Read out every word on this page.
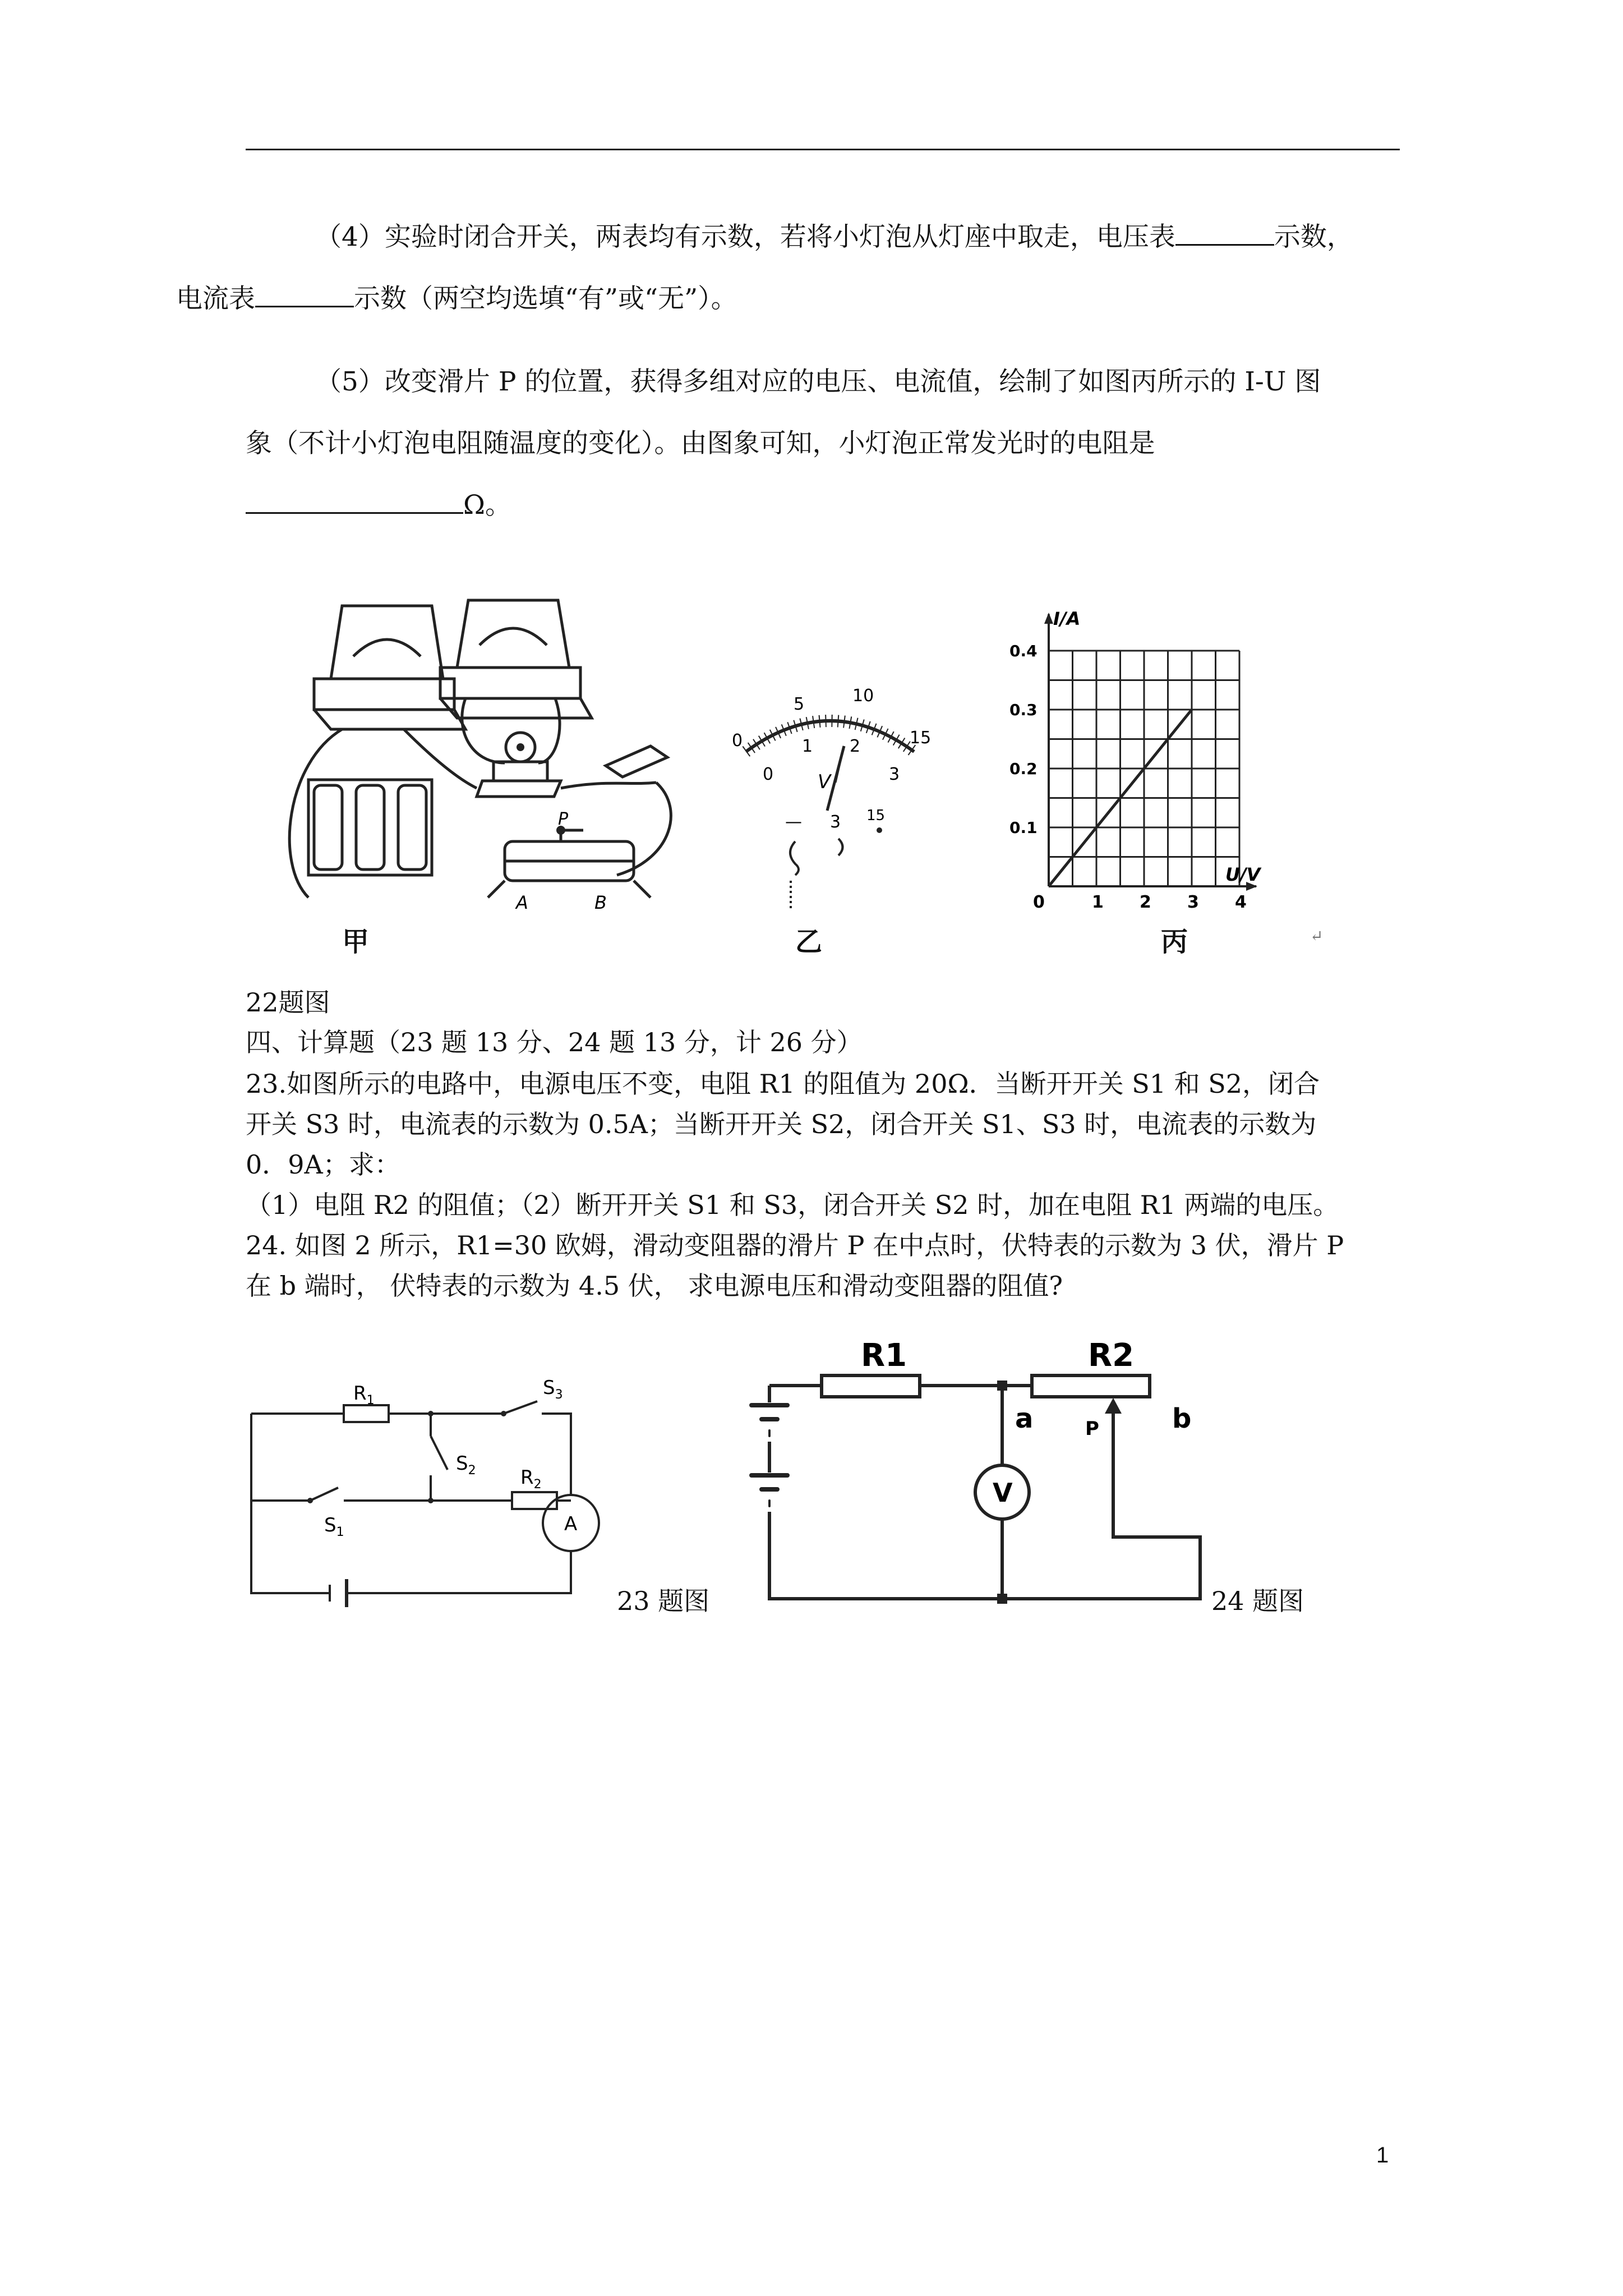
（4）实验时闭合开关，两表均有示数，若将小灯泡从灯座中取走，电压表	示数，
电流表	示数（两空均选填“有”或“无”）。

（5）改变滑片 P 的位置，获得多组对应的电压、电流值，绘制了如图丙所示的 I-U 图
象（不计小灯泡电阻随温度的变化）。由图象可知，小灯泡正常发光时的电阻是
Ω。

P
A	B
0
5	10
15
0
1 2
3
V
— 3 15
0	1 2 3 4
0.1
0.2
0.3
0.4
I/A
U/V
甲	乙	丙	↵
22题图
四、计算题（23 题 13 分、24 题 13 分，计 26 分）
23.如图所示的电路中，电源电压不变，电阻 R1 的阻值为 20Ω．当断开开关 S1 和 S2，闭合
开关 S3 时，电流表的示数为 0.5A；当断开开关 S2，闭合开关 S1、S3 时，电流表的示数为
0．9A；求：
（1）电阻 R2 的阻值；（2）断开开关 S1 和 S3，闭合开关 S2 时，加在电阻 R1 两端的电压。
24. 如图 2 所示，R1=30 欧姆，滑动变阻器的滑片 P 在中点时，伏特表的示数为 3 伏，滑片 P
在 b 端时， 伏特表的示数为 4.5 伏， 求电源电压和滑动变阻器的阻值?
$R_1$
$R_2$
$S_1$
$S_2$
$S_3$
A
23 题图
R1	R2
a	b
P
V
24 题图
1
